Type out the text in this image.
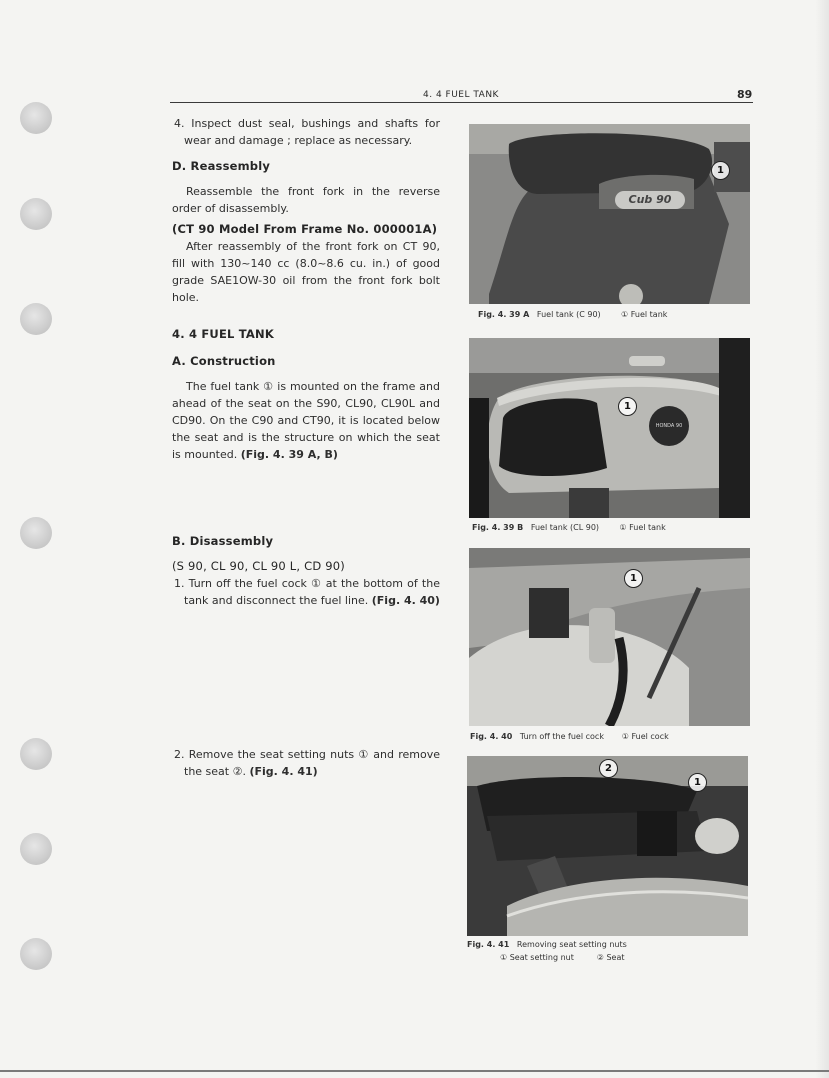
4. 4 FUEL TANK	89

4. Inspect dust seal, bushings and shafts for wear and damage ; replace as necessary.

D. Reassembly

Reassemble the front fork in the reverse order of disassembly.

(CT 90 Model From Frame No. 000001A)

After reassembly of the front fork on CT 90, fill with 130~140 cc (8.0~8.6 cu. in.) of good grade SAE1OW-30 oil from the front fork bolt hole.

4. 4 FUEL TANK
A. Construction

The fuel tank ① is mounted on the frame and ahead of the seat on the S90, CL90, CL90L and CD90. On the C90 and CT90, it is located below the seat and is the structure on which the seat is mounted. (Fig. 4. 39 A, B)

B. Disassembly
(S 90, CL 90, CL 90 L, CD 90)

1. Turn off the fuel cock ① at the bottom of the tank and disconnect the fuel line. (Fig. 4. 40)

2. Remove the seat setting nuts ① and remove the seat ②. (Fig. 4. 41)

Cub 90
1
Fig. 4. 39 A Fuel tank (C 90)	① Fuel tank
HONDA 90
1
Fig. 4. 39 B Fuel tank (CL 90)	① Fuel tank
1
Fig. 4. 40 Turn off the fuel cock ① Fuel cock
2
1
Fig. 4. 41 Removing seat setting nuts
① Seat setting nut	② Seat
